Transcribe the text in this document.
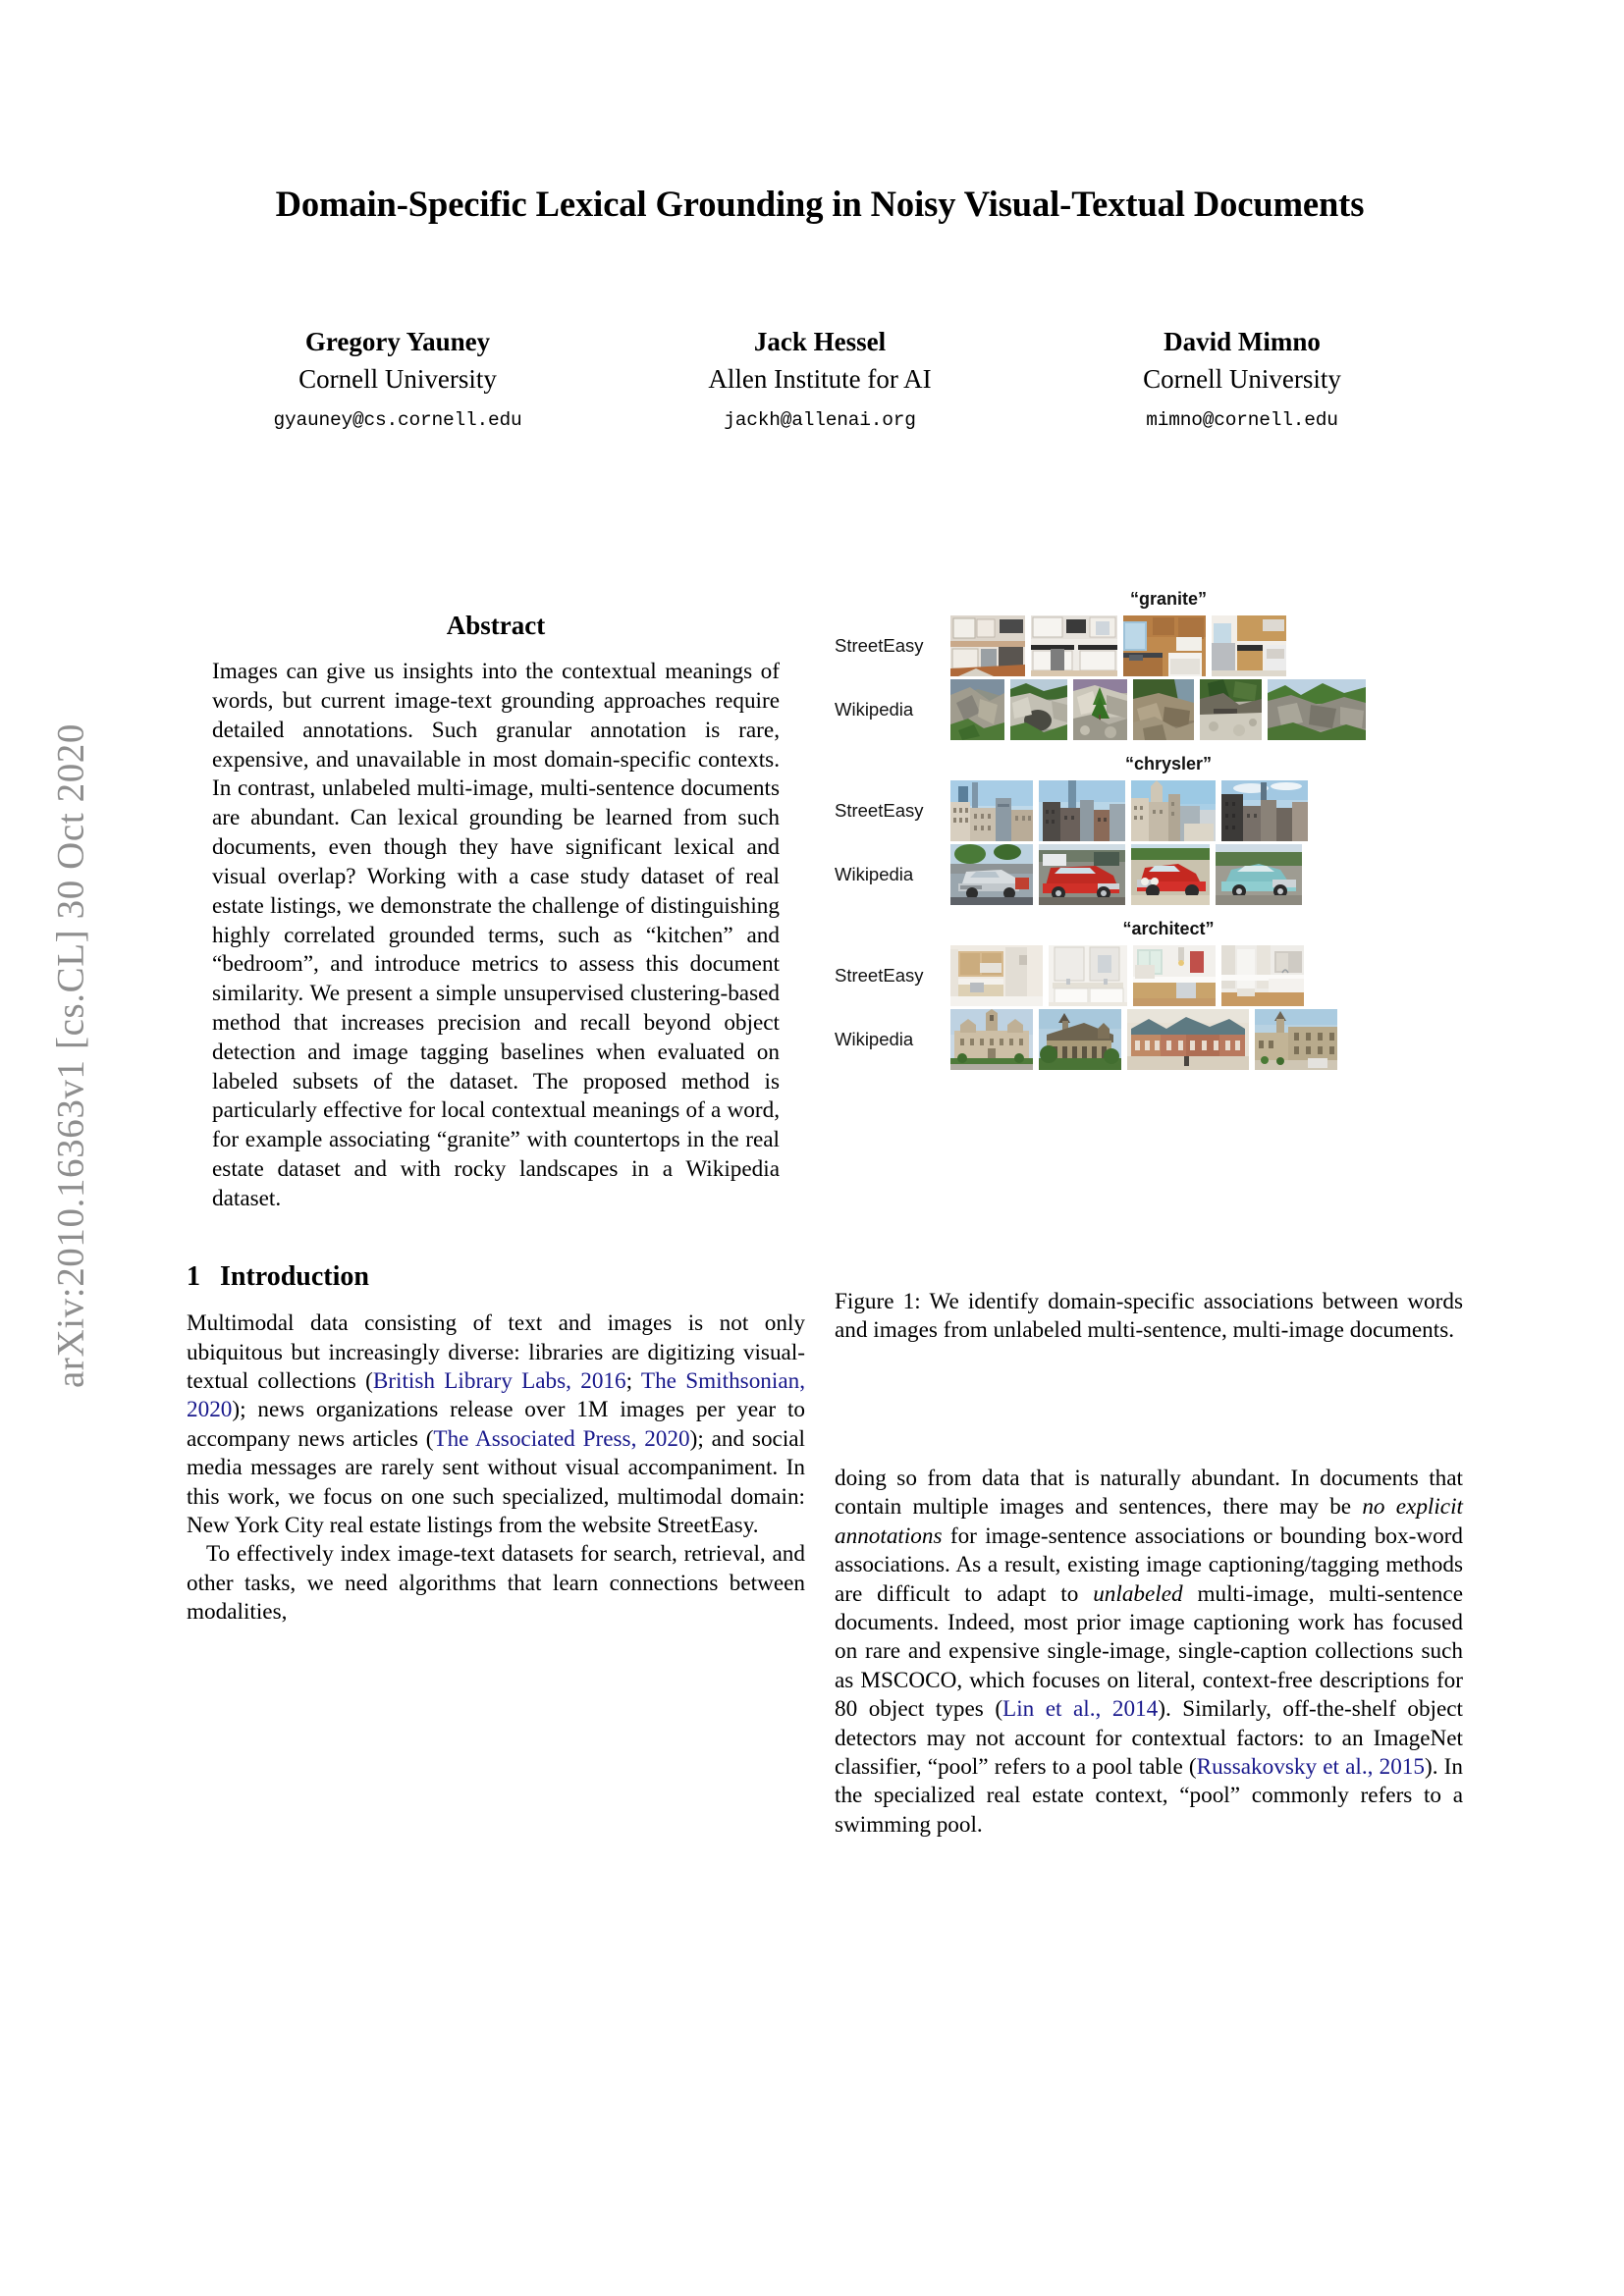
arXiv:2010.16363v1 [cs.CL] 30 Oct 2020
Domain-Specific Lexical Grounding in Noisy Visual-Textual Documents
Gregory Yauney
Cornell University
gyauney@cs.cornell.edu
Jack Hessel
Allen Institute for AI
jackh@allenai.org
David Mimno
Cornell University
mimno@cornell.edu
Abstract

Images can give us insights into the contextual meanings of words, but current image-text grounding approaches require detailed annotations. Such granular annotation is rare, expensive, and unavailable in most domain-specific contexts. In contrast, unlabeled multi-image, multi-sentence documents are abundant. Can lexical grounding be learned from such documents, even though they have significant lexical and visual overlap? Working with a case study dataset of real estate listings, we demonstrate the challenge of distinguishing highly correlated grounded terms, such as “kitchen” and “bedroom”, and introduce metrics to assess this document similarity. We present a simple unsupervised clustering-based method that increases precision and recall beyond object detection and image tagging baselines when evaluated on labeled subsets of the dataset. The proposed method is particularly effective for local contextual meanings of a word, for example associating “granite” with countertops in the real estate dataset and with rocky landscapes in a Wikipedia dataset.

1 Introduction

Multimodal data consisting of text and images is not only ubiquitous but increasingly diverse: libraries are digitizing visual-textual collections (British Library Labs, 2016; The Smithsonian, 2020); news organizations release over 1M images per year to accompany news articles (The Associated Press, 2020); and social media messages are rarely sent without visual accompaniment. In this work, we focus on one such specialized, multimodal domain: New York City real estate listings from the website StreetEasy.

To effectively index image-text datasets for search, retrieval, and other tasks, we need algorithms that learn connections between modalities,

“granite”
StreetEasy
Wikipedia
“chrysler”
StreetEasy
Wikipedia
“architect”
StreetEasy
Wikipedia
Figure 1: We identify domain-specific associations between words and images from unlabeled multi-sentence, multi-image documents.

doing so from data that is naturally abundant. In documents that contain multiple images and sentences, there may be no explicit annotations for image-sentence associations or bounding box-word associations. As a result, existing image captioning/tagging methods are difficult to adapt to unlabeled multi-image, multi-sentence documents. Indeed, most prior image captioning work has focused on rare and expensive single-image, single-caption collections such as MSCOCO, which focuses on literal, context-free descriptions for 80 object types (Lin et al., 2014). Similarly, off-the-shelf object detectors may not account for contextual factors: to an ImageNet classifier, “pool” refers to a pool table (Russakovsky et al., 2015). In the specialized real estate context, “pool” commonly refers to a swimming pool.
